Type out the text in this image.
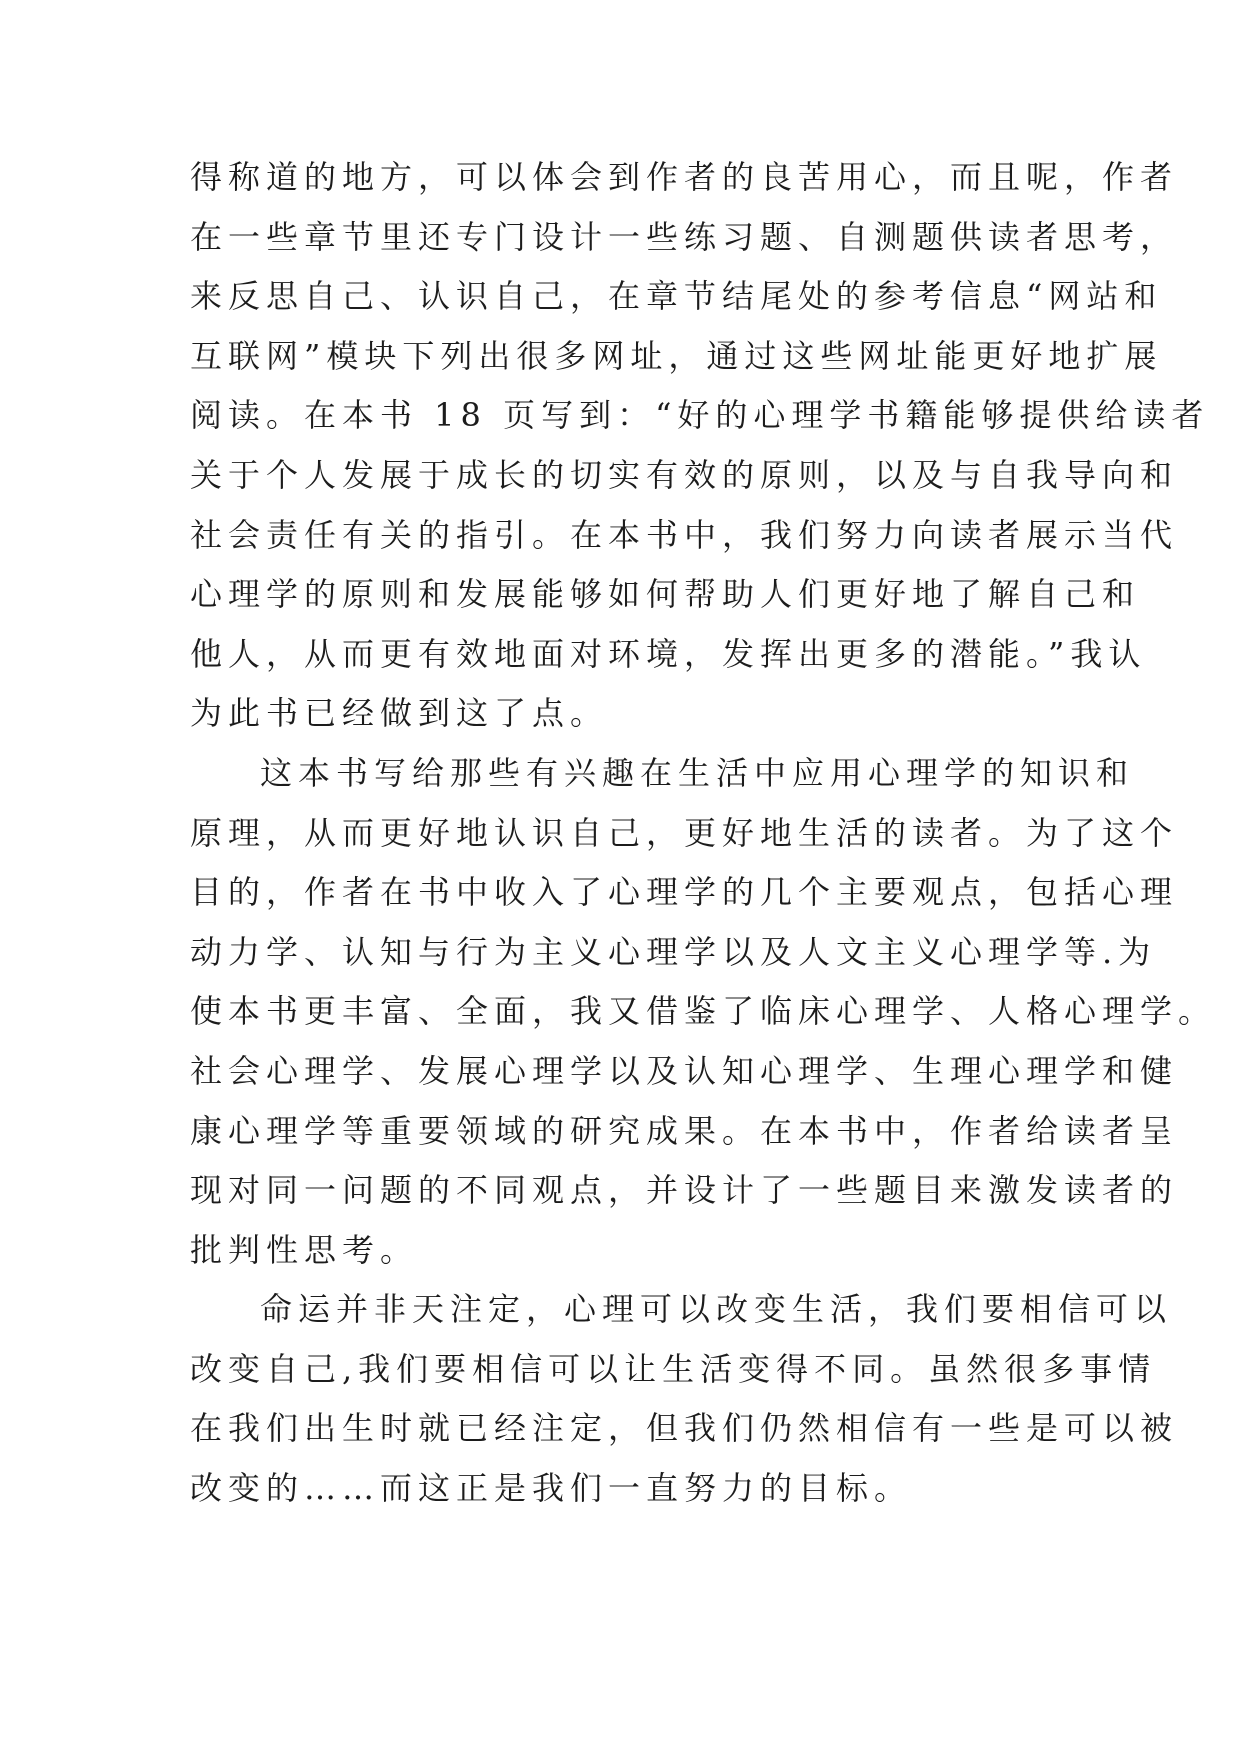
得称道的地方，可以体会到作者的良苦用心，而且呢，作者
在一些章节里还专门设计一些练习题、自测题供读者思考，
来反思自己、认识自己，在章节结尾处的参考信息“网站和
互联网”模块下列出很多网址，通过这些网址能更好地扩展
阅读。在本书 18 页写到：“好的心理学书籍能够提供给读者
关于个人发展于成长的切实有效的原则，以及与自我导向和
社会责任有关的指引。在本书中，我们努力向读者展示当代
心理学的原则和发展能够如何帮助人们更好地了解自己和
他人，从而更有效地面对环境，发挥出更多的潜能。”我认
为此书已经做到这了点。
这本书写给那些有兴趣在生活中应用心理学的知识和
原理，从而更好地认识自己，更好地生活的读者。为了这个
目的，作者在书中收入了心理学的几个主要观点，包括心理
动力学、认知与行为主义心理学以及人文主义心理学等.为
使本书更丰富、全面，我又借鉴了临床心理学、人格心理学。
社会心理学、发展心理学以及认知心理学、生理心理学和健
康心理学等重要领域的研究成果。在本书中，作者给读者呈
现对同一问题的不同观点，并设计了一些题目来激发读者的
批判性思考。
命运并非天注定，心理可以改变生活，我们要相信可以
改变自己,我们要相信可以让生活变得不同。虽然很多事情
在我们出生时就已经注定，但我们仍然相信有一些是可以被
改变的……而这正是我们一直努力的目标。
